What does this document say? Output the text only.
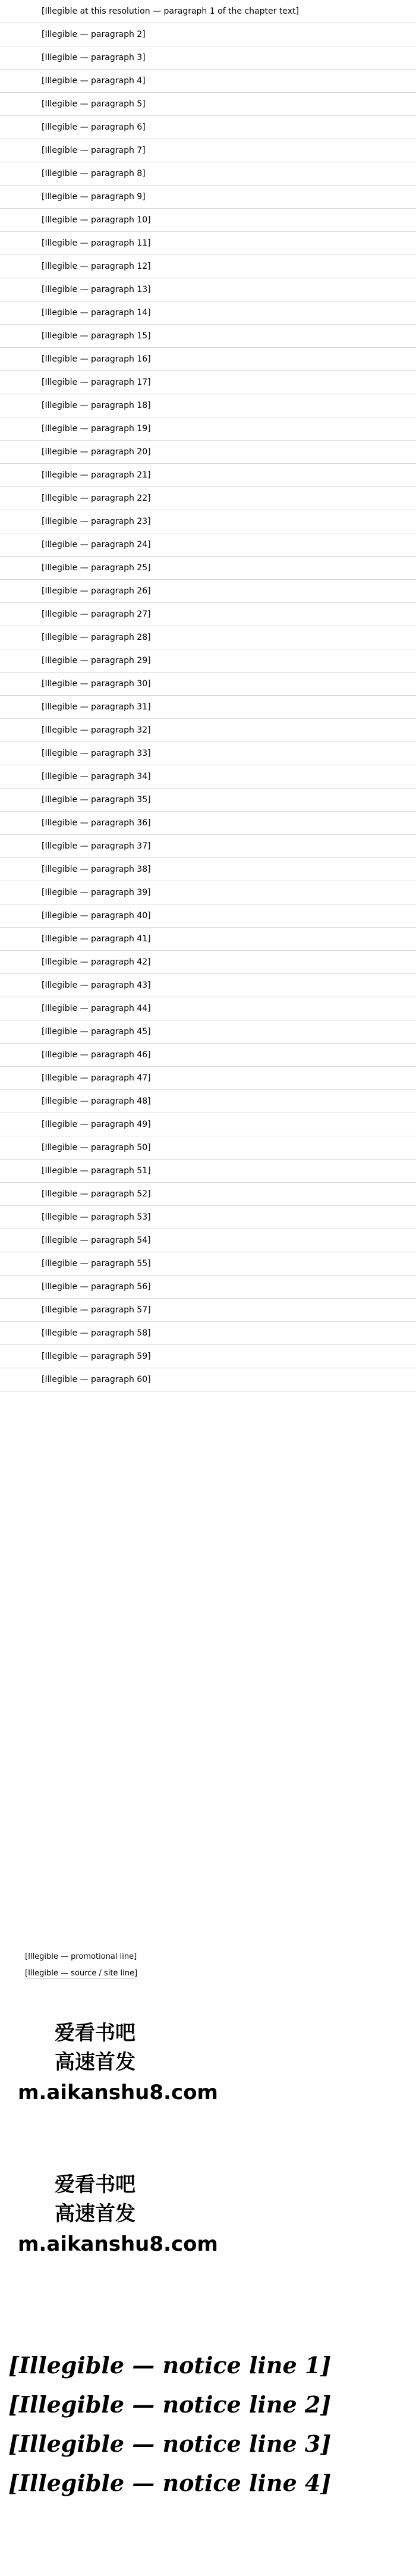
[Illegible at this resolution — paragraph 1 of the chapter text]

[Illegible — paragraph 2]

[Illegible — paragraph 3]

[Illegible — paragraph 4]

[Illegible — paragraph 5]

[Illegible — paragraph 6]

[Illegible — paragraph 7]

[Illegible — paragraph 8]

[Illegible — paragraph 9]

[Illegible — paragraph 10]

[Illegible — paragraph 11]

[Illegible — paragraph 12]

[Illegible — paragraph 13]

[Illegible — paragraph 14]

[Illegible — paragraph 15]

[Illegible — paragraph 16]

[Illegible — paragraph 17]

[Illegible — paragraph 18]

[Illegible — paragraph 19]

[Illegible — paragraph 20]

[Illegible — paragraph 21]

[Illegible — paragraph 22]

[Illegible — paragraph 23]

[Illegible — paragraph 24]

[Illegible — paragraph 25]

[Illegible — paragraph 26]

[Illegible — paragraph 27]

[Illegible — paragraph 28]

[Illegible — paragraph 29]

[Illegible — paragraph 30]

[Illegible — paragraph 31]

[Illegible — paragraph 32]

[Illegible — paragraph 33]

[Illegible — paragraph 34]

[Illegible — paragraph 35]

[Illegible — paragraph 36]

[Illegible — paragraph 37]

[Illegible — paragraph 38]

[Illegible — paragraph 39]

[Illegible — paragraph 40]

[Illegible — paragraph 41]

[Illegible — paragraph 42]

[Illegible — paragraph 43]

[Illegible — paragraph 44]

[Illegible — paragraph 45]

[Illegible — paragraph 46]

[Illegible — paragraph 47]

[Illegible — paragraph 48]

[Illegible — paragraph 49]

[Illegible — paragraph 50]

[Illegible — paragraph 51]

[Illegible — paragraph 52]

[Illegible — paragraph 53]

[Illegible — paragraph 54]

[Illegible — paragraph 55]

[Illegible — paragraph 56]

[Illegible — paragraph 57]

[Illegible — paragraph 58]

[Illegible — paragraph 59]

[Illegible — paragraph 60]

[Illegible — promotional line]
[Illegible — source / site line]
爱看书吧
高速首发
m.aikanshu8.com
爱看书吧
高速首发
m.aikanshu8.com
[Illegible — notice line 1]
[Illegible — notice line 2]
[Illegible — notice line 3]
[Illegible — notice line 4]
